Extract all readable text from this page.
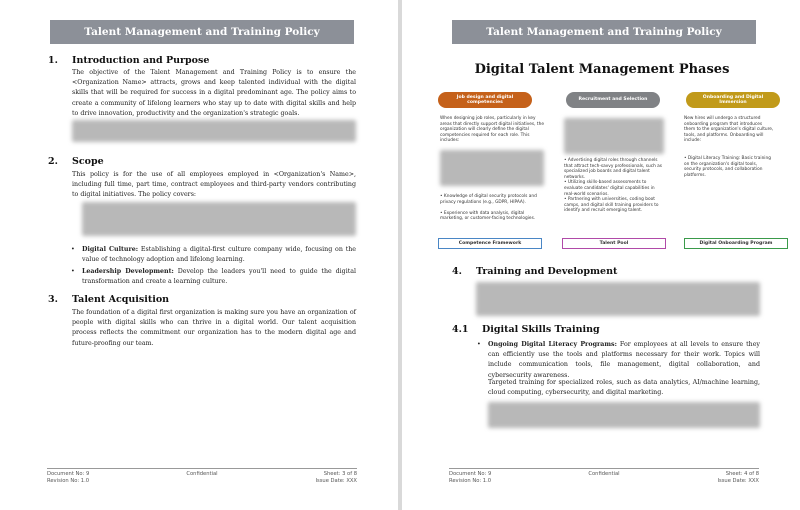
Talent Management and Training Policy
1. Introduction and Purpose
The objective of the Talent Management and Training Policy is to ensure the <Organization Name> attracts, grows and keep talented individual with the digital skills that will be required for success in a digital predominant age. The policy aims to create a community of lifelong learners who stay up to date with digital skills and help to drive innovation, productivity and the organization's strategic goals.
2. Scope
This policy is for the use of all employees employed in <Organization's Name>, including full time, part time, contract employees and third-party vendors contributing to digital initiatives. The policy covers:
• Digital Culture: Establishing a digital-first culture company wide, focusing on the value of technology adoption and lifelong learning.
• Leadership Development: Develop the leaders you'll need to guide the digital transformation and create a learning culture.
3. Talent Acquisition
The foundation of a digital first organization is making sure you have an organization of people with digital skills who can thrive in a digital world. Our talent acquisition process reflects the commitment our organization has to the modern digital age and future-proofing our team.
Document No: 9	Confidential	Sheet: 3 of 8
Revision No: 1.0	Issue Date: XXX
Talent Management and Training Policy
Digital Talent Management Phases
Job design and digital competencies
Recruitment and Selection
Onboarding and Digital Immersion
When designing job roles, particularly in key areas that directly support digital initiatives, the organization will clearly define the digital competencies required for each role. This includes:
• Knowledge of digital security protocols and privacy regulations (e.g., GDPR, HIPAA).

• Experience with data analysis, digital marketing, or customer-facing technologies.
• Advertising digital roles through channels that attract tech-savvy professionals, such as specialized job boards and digital talent networks.
• Utilizing skills-based assessments to evaluate candidates' digital capabilities in real-world scenarios.
• Partnering with universities, coding boot camps, and digital skill training providers to identify and recruit emerging talent.
New hires will undergo a structured onboarding program that introduces them to the organization's digital culture, tools, and platforms. Onboarding will include:
• Digital Literacy Training: Basic training on the organization's digital tools, security protocols, and collaboration platforms.
Competence Framework	Talent Pool	Digital Onboarding Program
4. Training and Development
4.1 Digital Skills Training
• Ongoing Digital Literacy Programs: For employees at all levels to ensure they can efficiently use the tools and platforms necessary for their work. Topics will include communication tools, file management, digital collaboration, and cybersecurity awareness.
Targeted training for specialized roles, such as data analytics, AI/machine learning, cloud computing, cybersecurity, and digital marketing.
Document No: 9	Confidential	Sheet: 4 of 8
Revision No: 1.0	Issue Date: XXX
